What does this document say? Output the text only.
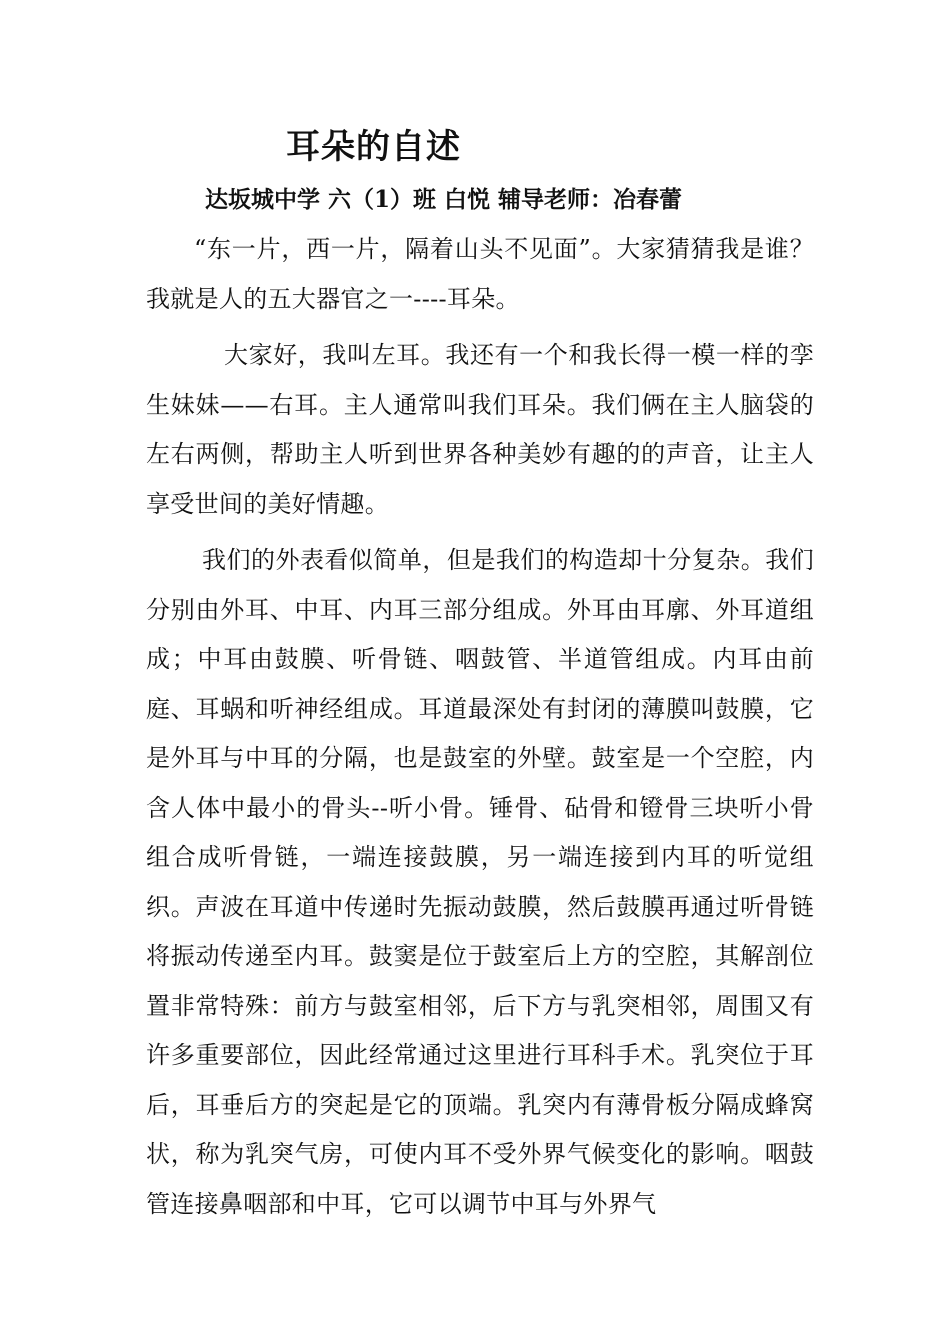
耳朵的自述
达坂城中学 六（1）班 白悦 辅导老师：冶春蕾

“东一片，西一片，隔着山头不见面”。大家猜猜我是谁？我就是人的五大器官之一----耳朵。

大家好，我叫左耳。我还有一个和我长得一模一样的孪生妹妹——右耳。主人通常叫我们耳朵。我们俩在主人脑袋的左右两侧，帮助主人听到世界各种美妙有趣的的声音，让主人享受世间的美好情趣。

我们的外表看似简单，但是我们的构造却十分复杂。我们分别由外耳、中耳、内耳三部分组成。外耳由耳廓、外耳道组成；中耳由鼓膜、听骨链、咽鼓管、半道管组成。内耳由前庭、耳蜗和听神经组成。耳道最深处有封闭的薄膜叫鼓膜，它是外耳与中耳的分隔，也是鼓室的外壁。鼓室是一个空腔，内含人体中最小的骨头--听小骨。锤骨、砧骨和镫骨三块听小骨组合成听骨链，一端连接鼓膜，另一端连接到内耳的听觉组织。声波在耳道中传递时先振动鼓膜，然后鼓膜再通过听骨链将振动传递至内耳。鼓窦是位于鼓室后上方的空腔，其解剖位置非常特殊：前方与鼓室相邻，后下方与乳突相邻，周围又有许多重要部位，因此经常通过这里进行耳科手术。乳突位于耳后，耳垂后方的突起是它的顶端。乳突内有薄骨板分隔成蜂窝状，称为乳突气房，可使内耳不受外界气候变化的影响。咽鼓管连接鼻咽部和中耳，它可以调节中耳与外界气
